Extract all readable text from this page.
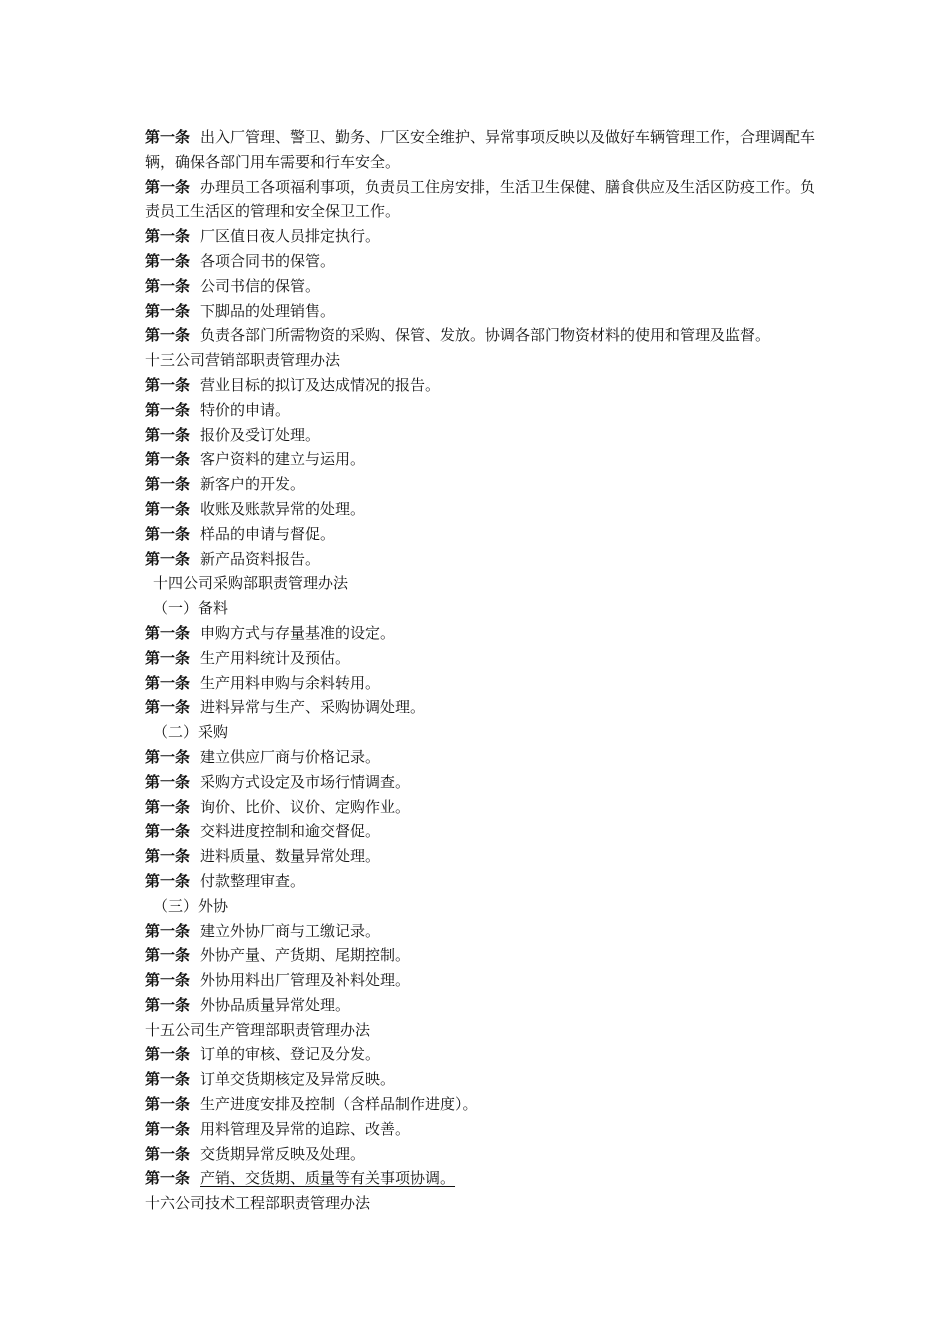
第一条 出入厂管理、警卫、勤务、厂区安全维护、异常事项反映以及做好车辆管理工作，合理调配车辆，确保各部门用车需要和行车安全。
第一条 办理员工各项福利事项，负责员工住房安排，生活卫生保健、膳食供应及生活区防疫工作。负责员工生活区的管理和安全保卫工作。
第一条 厂区值日夜人员排定执行。
第一条 各项合同书的保管。
第一条 公司书信的保管。
第一条 下脚品的处理销售。
第一条 负责各部门所需物资的采购、保管、发放。协调各部门物资材料的使用和管理及监督。
十三公司营销部职责管理办法
第一条 营业目标的拟订及达成情况的报告。
第一条 特价的申请。
第一条 报价及受订处理。
第一条 客户资料的建立与运用。
第一条 新客户的开发。
第一条 收账及账款异常的处理。
第一条 样品的申请与督促。
第一条 新产品资料报告。
十四公司采购部职责管理办法
（一）备料
第一条 申购方式与存量基准的设定。
第一条 生产用料统计及预估。
第一条 生产用料申购与余料转用。
第一条 进料异常与生产、采购协调处理。
（二）采购
第一条 建立供应厂商与价格记录。
第一条 采购方式设定及市场行情调查。
第一条 询价、比价、议价、定购作业。
第一条 交料进度控制和逾交督促。
第一条 进料质量、数量异常处理。
第一条 付款整理审查。
（三）外协
第一条 建立外协厂商与工缴记录。
第一条 外协产量、产货期、尾期控制。
第一条 外协用料出厂管理及补料处理。
第一条 外协品质量异常处理。
十五公司生产管理部职责管理办法
第一条 订单的审核、登记及分发。
第一条 订单交货期核定及异常反映。
第一条 生产进度安排及控制（含样品制作进度）。
第一条 用料管理及异常的追踪、改善。
第一条 交货期异常反映及处理。
第一条 产销、交货期、质量等有关事项协调。
十六公司技术工程部职责管理办法
